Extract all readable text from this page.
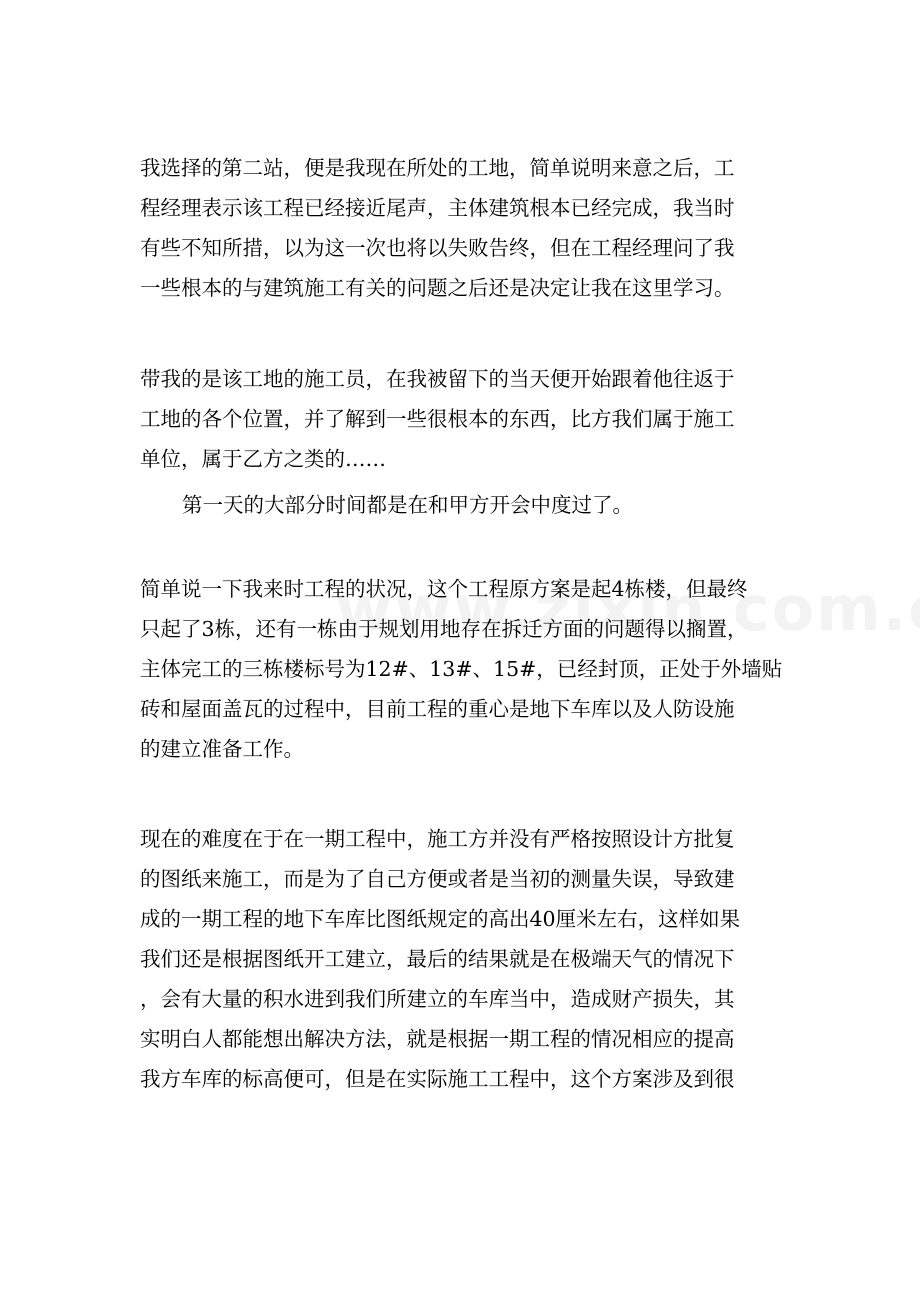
我选择的第二站，便是我现在所处的工地，简单说明来意之后，工
程经理表示该工程已经接近尾声，主体建筑根本已经完成，我当时
有些不知所措，以为这一次也将以失败告终，但在工程经理问了我
一些根本的与建筑施工有关的问题之后还是决定让我在这里学习。
带我的是该工地的施工员，在我被留下的当天便开始跟着他往返于
工地的各个位置，并了解到一些很根本的东西，比方我们属于施工
单位，属于乙方之类的……
第一天的大部分时间都是在和甲方开会中度过了。
简单说一下我来时工程的状况，这个工程原方案是起4栋楼，但最终
只起了3栋，还有一栋由于规划用地存在拆迁方面的问题得以搁置，
主体完工的三栋楼标号为12#、13#、15#，已经封顶，正处于外墙贴
砖和屋面盖瓦的过程中，目前工程的重心是地下车库以及人防设施
的建立准备工作。
现在的难度在于在一期工程中，施工方并没有严格按照设计方批复
的图纸来施工，而是为了自己方便或者是当初的测量失误，导致建
成的一期工程的地下车库比图纸规定的高出40厘米左右，这样如果
我们还是根据图纸开工建立，最后的结果就是在极端天气的情况下
，会有大量的积水进到我们所建立的车库当中，造成财产损失，其
实明白人都能想出解决方法，就是根据一期工程的情况相应的提高
我方车库的标高便可，但是在实际施工工程中，这个方案涉及到很
